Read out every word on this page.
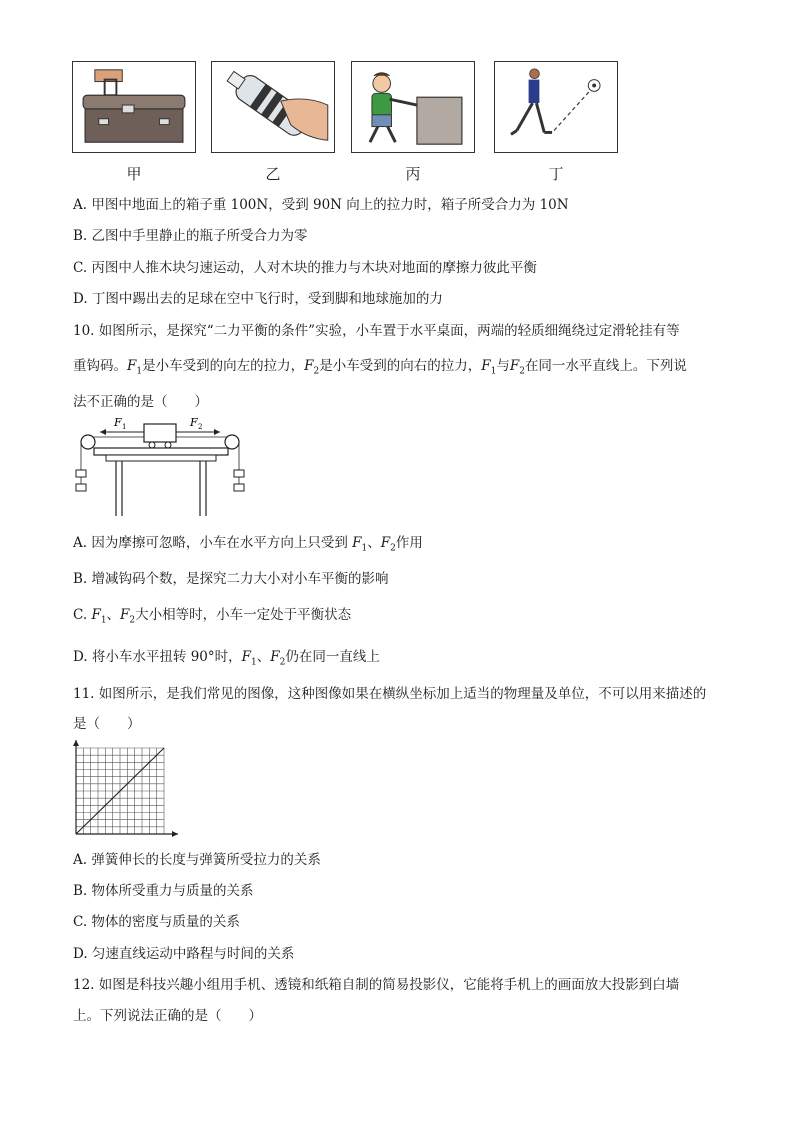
甲	乙	丙	丁
A. 甲图中地面上的箱子重 100N，受到 90N 向上的拉力时，箱子所受合力为 10N
B. 乙图中手里静止的瓶子所受合力为零
C. 丙图中人推木块匀速运动，人对木块的推力与木块对地面的摩擦力彼此平衡
D. 丁图中踢出去的足球在空中飞行时，受到脚和地球施加的力
10. 如图所示，是探究“二力平衡的条件”实验，小车置于水平桌面，两端的轻质细绳绕过定滑轮挂有等
重钩码。$F_1$是小车受到的向左的拉力，$F_2$是小车受到的向右的拉力，$F_1$与$F_2$在同一水平直线上。下列说
法不正确的是（　　）
F 1	F 2
A. 因为摩擦可忽略，小车在水平方向上只受到 $F_1$、$F_2$作用
B. 增减钩码个数，是探究二力大小对小车平衡的影响
C. $F_1$、$F_2$大小相等时，小车一定处于平衡状态
D. 将小车水平扭转 90°时，$F_1$、$F_2$仍在同一直线上
11. 如图所示，是我们常见的图像，这种图像如果在横纵坐标加上适当的物理量及单位，不可以用来描述的
是（　　）
A. 弹簧伸长的长度与弹簧所受拉力的关系
B. 物体所受重力与质量的关系
C. 物体的密度与质量的关系
D. 匀速直线运动中路程与时间的关系
12. 如图是科技兴趣小组用手机、透镜和纸箱自制的简易投影仪，它能将手机上的画面放大投影到白墙
上。下列说法正确的是（　　）
